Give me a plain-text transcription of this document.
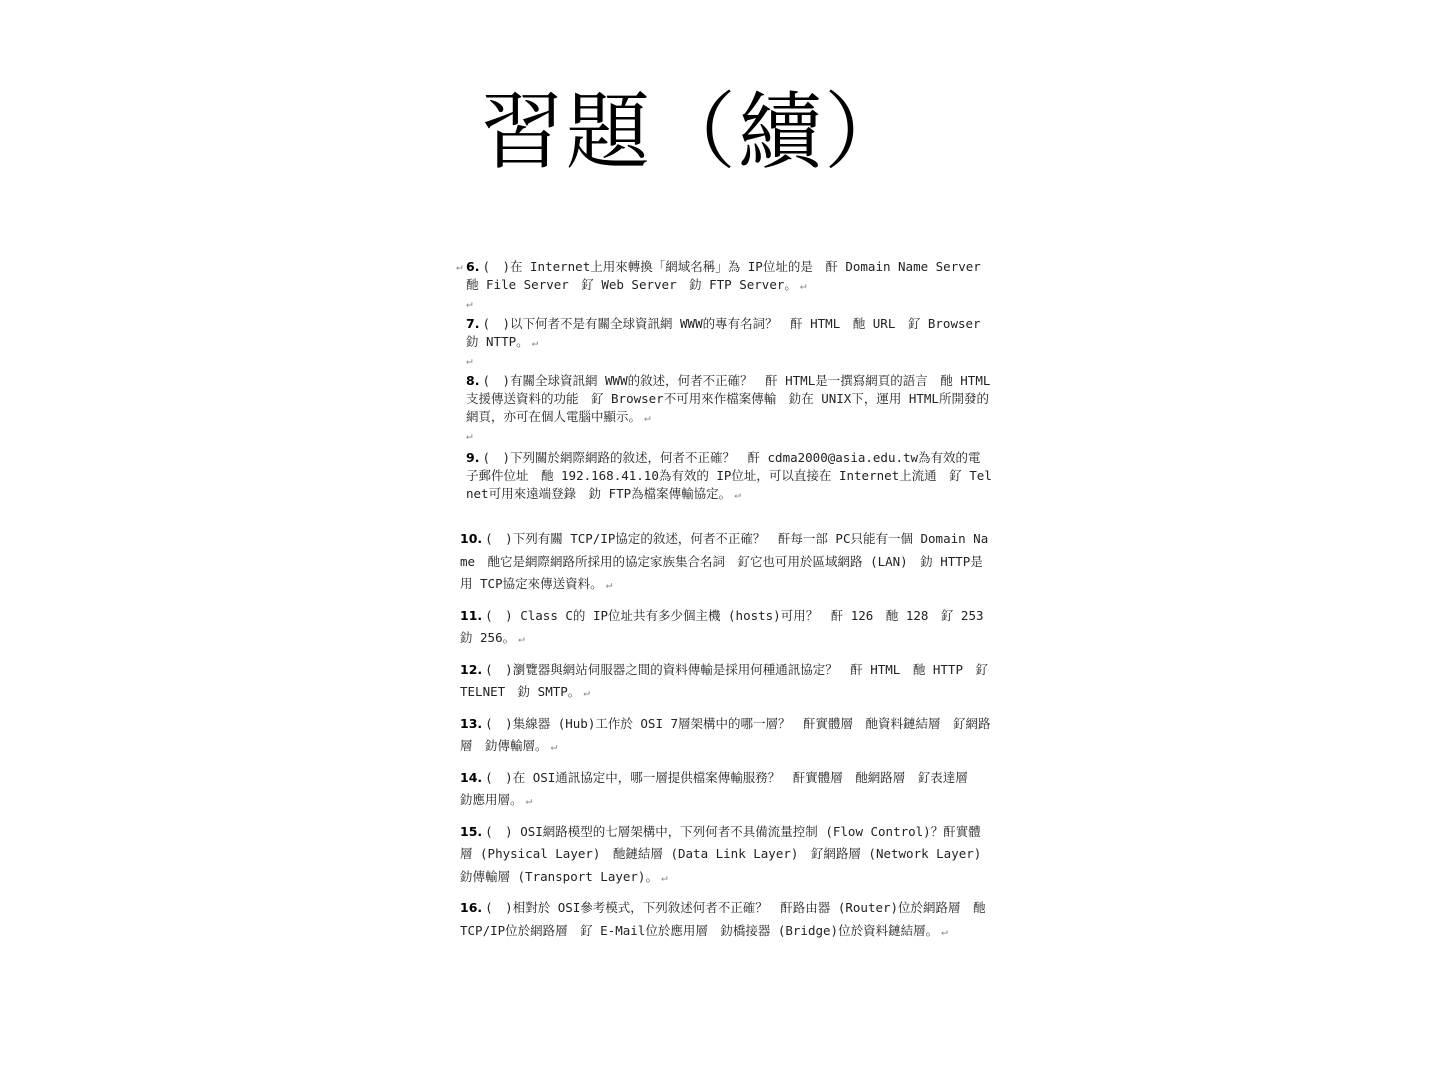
習題（續）
↵ 6. (　)在 Internet上用來轉換「網域名稱」為 IP位址的是　酐 Domain Name Server　酏 File Server　釕 Web Server　釛 FTP Server。 ↵
↵
7. (　)以下何者不是有關全球資訊網 WWW的專有名詞？　酐 HTML　酏 URL　釕 Browser　釛 NTTP。 ↵
↵
8. (　)有關全球資訊網 WWW的敘述，何者不正確？　酐 HTML是一撰寫網頁的語言　酏 HTML支援傳送資料的功能　釕 Browser不可用來作檔案傳輸　釛在 UNIX下，運用 HTML所開發的網頁，亦可在個人電腦中顯示。 ↵
↵
9. (　)下列關於網際網路的敘述，何者不正確？　酐 cdma2000@asia.edu.tw為有效的電子郵件位址　酏 192.168.41.10為有效的 IP位址，可以直接在 Internet上流通　釕 Telnet可用來遠端登錄　釛 FTP為檔案傳輸協定。 ↵
10. (　)下列有關 TCP/IP協定的敘述，何者不正確？　酐每一部 PC只能有一個 Domain Name　酏它是網際網路所採用的協定家族集合名詞　釕它也可用於區域網路 (LAN)　釛 HTTP是用 TCP協定來傳送資料。 ↵
11. (　) Class C的 IP位址共有多少個主機 (hosts)可用？　酐 126　酏 128　釕 253釛 256。 ↵
12. (　)瀏覽器與網站伺服器之間的資料傳輸是採用何種通訊協定？　酐 HTML　酏 HTTP　釕 TELNET　釛 SMTP。 ↵
13. (　)集線器 (Hub)工作於 OSI 7層架構中的哪一層？　酐實體層　酏資料鏈結層　釕網路層　釛傳輸層。 ↵
14. (　)在 OSI通訊協定中，哪一層提供檔案傳輸服務？　酐實體層　酏網路層　釕表達層　釛應用層。 ↵
15. (　) OSI網路模型的七層架構中，下列何者不具備流量控制 (Flow Control)？酐實體層 (Physical Layer)　酏鏈結層 (Data Link Layer)　釕網路層 (Network Layer)　釛傳輸層 (Transport Layer)。 ↵
16. (　)相對於 OSI參考模式，下列敘述何者不正確？　酐路由器 (Router)位於網路層　酏 TCP/IP位於網路層　釕 E-Mail位於應用層　釛橋接器 (Bridge)位於資料鏈結層。 ↵
